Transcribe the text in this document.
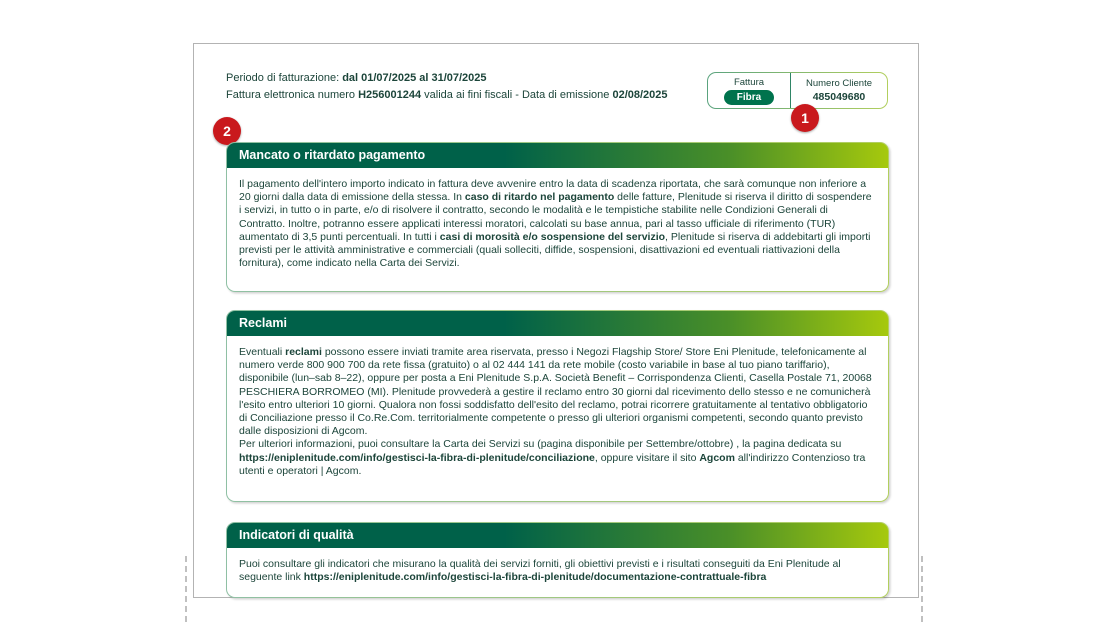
Periodo di fatturazione: dal 01/07/2025 al 31/07/2025
Fattura elettronica numero H256001244 valida ai fini fiscali - Data di emissione 02/08/2025
Fattura
Fibra
Numero Cliente
485049680
1
2
Mancato o ritardato pagamento

Il pagamento dell'intero importo indicato in fattura deve avvenire entro la data di scadenza riportata, che sarà comunque non inferiore a 20 giorni dalla data di emissione della stessa. In caso di ritardo nel pagamento delle fatture, Plenitude si riserva il diritto di sospendere i servizi, in tutto o in parte, e/o di risolvere il contratto, secondo le modalità e le tempistiche stabilite nelle Condizioni Generali di Contratto. Inoltre, potranno essere applicati interessi moratori, calcolati su base annua, pari al tasso ufficiale di riferimento (TUR) aumentato di 3,5 punti percentuali. In tutti i casi di morosità e/o sospensione del servizio, Plenitude si riserva di addebitarti gli importi previsti per le attività amministrative e commerciali (quali solleciti, diffide, sospensioni, disattivazioni ed eventuali riattivazioni della fornitura), come indicato nella Carta dei Servizi.

Reclami

Eventuali reclami possono essere inviati tramite area riservata, presso i Negozi Flagship Store/ Store Eni Plenitude, telefonicamente al numero verde 800 900 700 da rete fissa (gratuito) o al 02 444 141 da rete mobile (costo variabile in base al tuo piano tariffario), disponibile (lun–sab 8–22), oppure per posta a Eni Plenitude S.p.A. Società Benefit – Corrispondenza Clienti, Casella Postale 71, 20068 PESCHIERA BORROMEO (MI). Plenitude provvederà a gestire il reclamo entro 30 giorni dal ricevimento dello stesso e ne comunicherà l'esito entro ulteriori 10 giorni. Qualora non fossi soddisfatto dell'esito del reclamo, potrai ricorrere gratuitamente al tentativo obbligatorio di Conciliazione presso il Co.Re.Com. territorialmente competente o presso gli ulteriori organismi competenti, secondo quanto previsto dalle disposizioni di Agcom.

Per ulteriori informazioni, puoi consultare la Carta dei Servizi su (pagina disponibile per Settembre/ottobre) , la pagina dedicata su https://eniplenitude.com/info/gestisci-la-fibra-di-plenitude/conciliazione, oppure visitare il sito Agcom all'indirizzo Contenzioso tra utenti e operatori | Agcom.

Indicatori di qualità

Puoi consultare gli indicatori che misurano la qualità dei servizi forniti, gli obiettivi previsti e i risultati conseguiti da Eni Plenitude al seguente link https://eniplenitude.com/info/gestisci-la-fibra-di-plenitude/documentazione-contrattuale-fibra
